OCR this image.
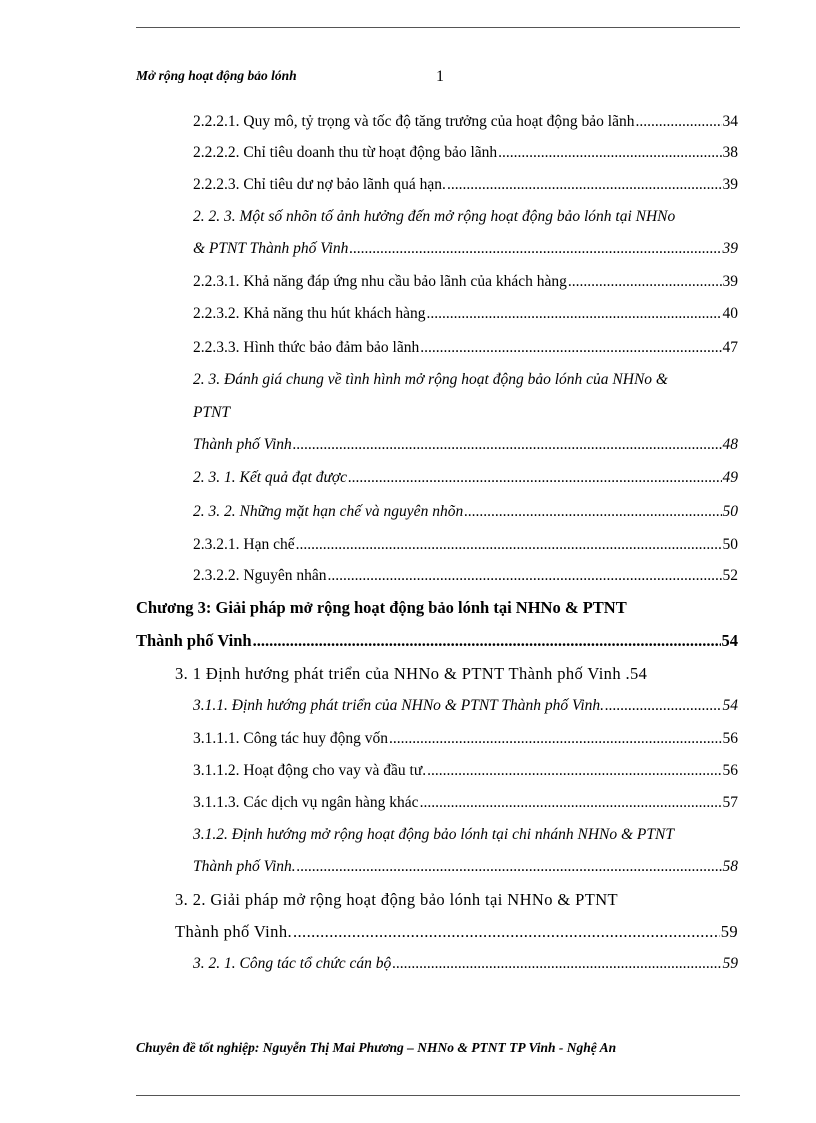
Mở rộng hoạt động bảo lónh	1
2.2.2.1. Quy mô, tỷ trọng và tốc độ tăng trưởng của hoạt động bảo lãnh .....	34
2.2.2.2. Chỉ tiêu doanh thu từ hoạt động bảo lãnh .....	38
2.2.2.3. Chỉ tiêu dư nợ bảo lãnh quá hạn. .....	39
2. 2. 3. Một số nhõn tố ảnh hưởng đến mở rộng hoạt động bảo lónh tại NHNo
& PTNT Thành phố Vinh .....	39
2.2.3.1. Khả năng đáp ứng nhu cầu bảo lãnh của khách hàng .....	39
2.2.3.2. Khả năng thu hút khách hàng .....	40
2.2.3.3. Hình thức bảo đảm bảo lãnh .....	47
2. 3. Đánh giá chung về tình hình mở rộng hoạt động bảo lónh của NHNo &
PTNT
Thành phố Vinh .....	48
2. 3. 1. Kết quả đạt được .....	49
2. 3. 2. Những mặt hạn chế và nguyên nhõn .....	50
2.3.2.1. Hạn chế .....	50
2.3.2.2. Nguyên nhân .....	52
Chương 3: Giải pháp mở rộng hoạt động bảo lónh tại NHNo & PTNT
Thành phố Vinh .....	54
3. 1 Định hướng phát triển của NHNo & PTNT Thành phố Vinh .54
3.1.1. Định hướng phát triển của NHNo & PTNT Thành phố Vinh. .....	54
3.1.1.1. Công tác huy động vốn .....	56
3.1.1.2. Hoạt động cho vay và đầu tư. .....	56
3.1.1.3. Các dịch vụ ngân hàng khác .....	57
3.1.2. Định hướng mở rộng hoạt động bảo lónh tại chi nhánh NHNo & PTNT
Thành phố Vinh. .....	58
3. 2. Giải pháp mở rộng hoạt động bảo lónh tại NHNo & PTNT
Thành phố Vinh. .....	59
3. 2. 1. Công tác tổ chức cán bộ .....	59
Chuyên đề tốt nghiệp: Nguyễn Thị Mai Phương – NHNo & PTNT TP Vinh - Nghệ An
